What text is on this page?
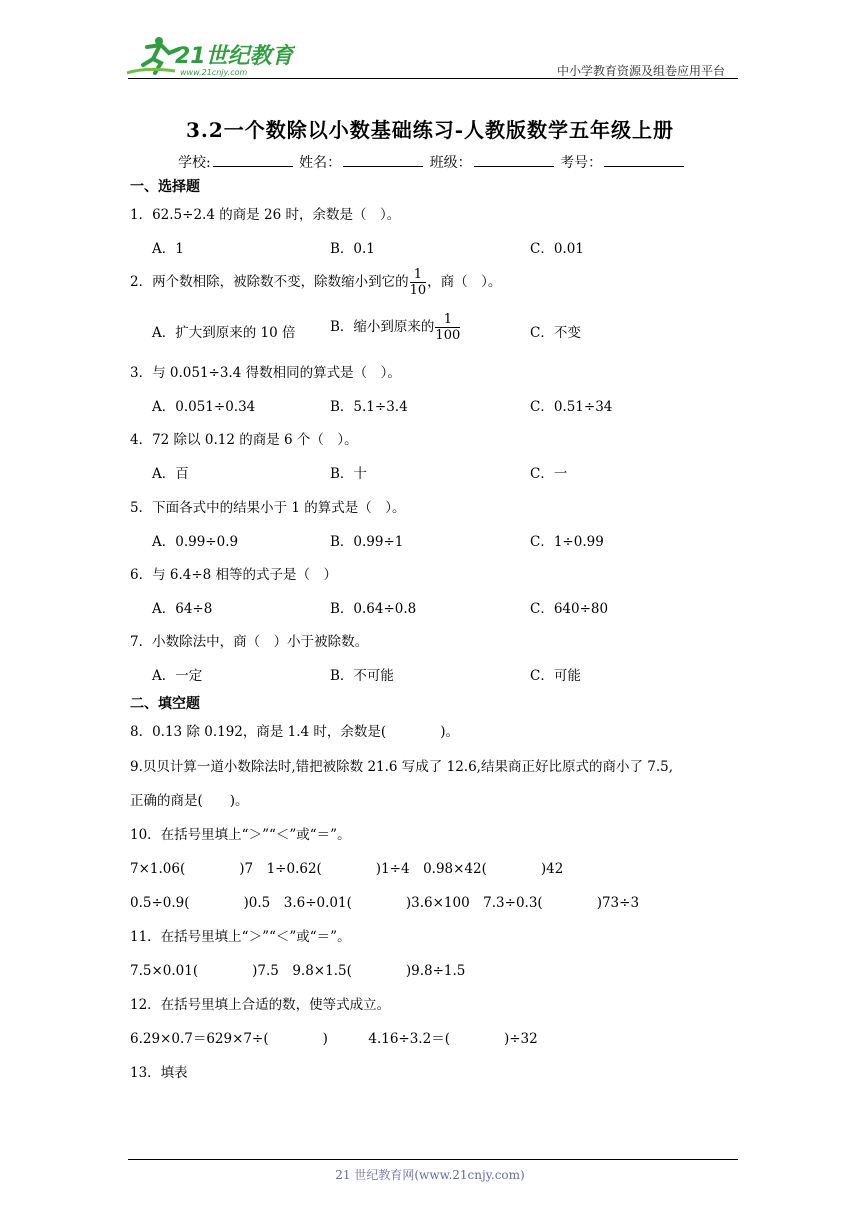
21世纪教育
www.21cnjy.com	中小学教育资源及组卷应用平台
3.2一个数除以小数基础练习-人教版数学五年级上册
学校:	姓名：	班级：	考号：
一、选择题
1．62.5÷2.4 的商是 26 时，余数是（　）。
A．1	B．0.1	C．0.01
2．两个数相除，被除数不变，除数缩小到它的 $\frac{1}{10}$ ，商（　）。
A．扩大到原来的 10 倍	B．缩小到原来的 $\frac{1}{100}$	C．不变
3．与 0.051÷3.4 得数相同的算式是（　）。
A．0.051÷0.34	B．5.1÷3.4	C．0.51÷34
4．72 除以 0.12 的商是 6 个（　）。
A．百	B．十	C．一
5．下面各式中的结果小于 1 的算式是（　）。
A．0.99÷0.9	B．0.99÷1	C．1÷0.99
6．与 6.4÷8 相等的式子是（　）
A．64÷8	B．0.64÷0.8	C．640÷80
7．小数除法中，商（　）小于被除数。
A．一定	B．不可能	C．可能
二、填空题
8．0.13 除 0.192，商是 1.4 时，余数是(　　　　)。
9.贝贝计算一道小数除法时,错把被除数 21.6 写成了 12.6,结果商正好比原式的商小了 7.5,
正确的商是(　　)。
10．在括号里填上“＞”“＜”或“＝”。
7×1.06(　　　　)7　1÷0.62(　　　　)1÷4　0.98×42(　　　　)42
0.5÷0.9(　　　　)0.5　3.6÷0.01(　　　　)3.6×100　7.3÷0.3(　　　　)73÷3
11．在括号里填上“＞”“＜”或“＝”。
7.5×0.01(　　　　)7.5　9.8×1.5(　　　　)9.8÷1.5
12．在括号里填上合适的数，使等式成立。
6.29×0.7＝629×7÷(　　　　)　　　4.16÷3.2＝(　　　　)÷32
13．填表
21 世纪教育网(www.21cnjy.com)
